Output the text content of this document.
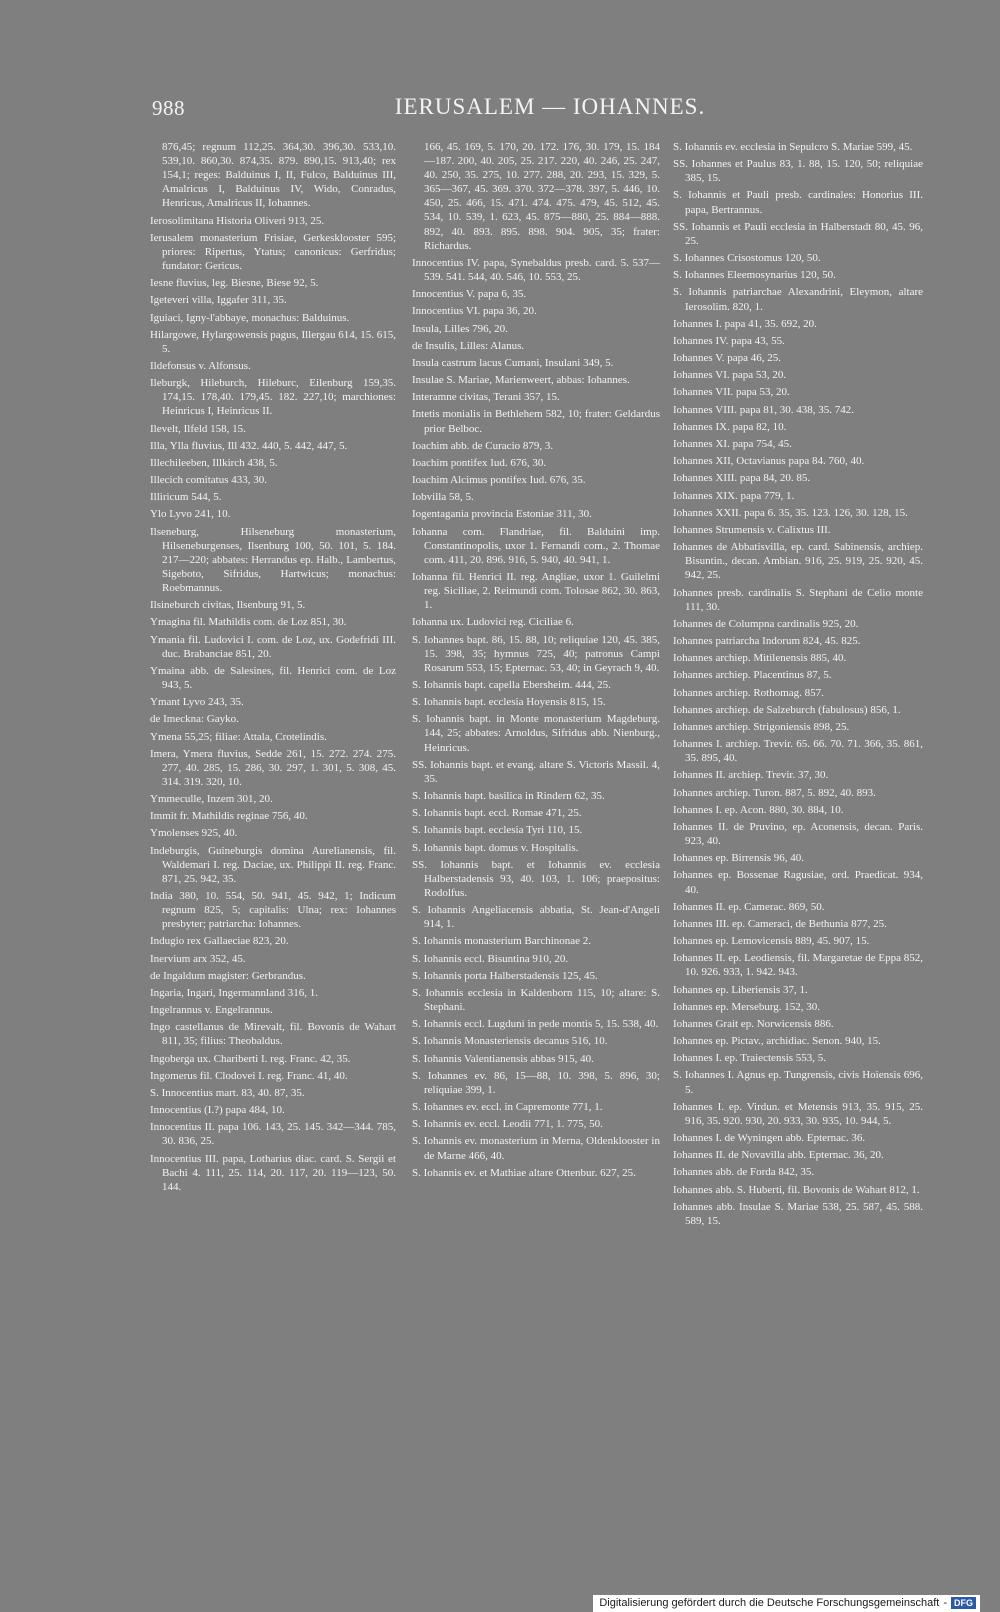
988	IERUSALEM — IOHANNES.
876,45; regnum 112,25. 364,30. 396,30. 533,10. 539,10. 860,30. 874,35. 879. 890,15. 913,40; rex 154,1; reges: Balduinus I, II, Fulco, Balduinus III, Amalricus I, Balduinus IV, Wido, Conradus, Henricus, Amalricus II, Iohannes.
Ierosolimitana Historia Oliveri 913, 25.
Ierusalem monasterium Frisiae, Gerkesklooster 595; priores: Ripertus, Ytatus; canonicus: Gerfridus; fundator: Gericus.
Iesne fluvius, leg. Biesne, Biese 92, 5.
Igeteveri villa, Iggafer 311, 35.
Iguiaci, Igny-l'abbaye, monachus: Balduinus.
Hilargowe, Hylargowensis pagus, Illergau 614, 15. 615, 5.
Ildefonsus v. Alfonsus.
Ileburgk, Hileburch, Hileburc, Eilenburg 159,35. 174,15. 178,40. 179,45. 182. 227,10; marchiones: Heinricus I, Heinricus II.
Ilevelt, Ilfeld 158, 15.
Illa, Ylla fluvius, Ill 432. 440, 5. 442, 447, 5.
Illechileeben, Illkirch 438, 5.
Illecich comitatus 433, 30.
Illiricum 544, 5.
Ylo Lyvo 241, 10.
Ilseneburg, Hilseneburg monasterium, Hilseneburgenses, Ilsenburg 100, 50. 101, 5. 184. 217—220; abbates: Herrandus ep. Halb., Lambertus, Sigeboto, Sifridus, Hartwicus; monachus: Roebmannus.
Ilsineburch civitas, Ilsenburg 91, 5.
Ymagina fil. Mathildis com. de Loz 851, 30.
Ymania fil. Ludovici I. com. de Loz, ux. Godefridi III. duc. Brabanciae 851, 20.
Ymaina abb. de Salesines, fil. Henrici com. de Loz 943, 5.
Ymant Lyvo 243, 35.
de Imeckna: Gayko.
Ymena 55,25; filiae: Attala, Crotelindis.
Imera, Ymera fluvius, Sedde 261, 15. 272. 274. 275. 277, 40. 285, 15. 286, 30. 297, 1. 301, 5. 308, 45. 314. 319. 320, 10.
Ymmeculle, Inzem 301, 20.
Immit fr. Mathildis reginae 756, 40.
Ymolenses 925, 40.
Indeburgis, Guineburgis domina Aurelianensis, fil. Waldemari I. reg. Daciae, ux. Philippi II. reg. Franc. 871, 25. 942, 35.
India 380, 10. 554, 50. 941, 45. 942, 1; Indicum regnum 825, 5; capitalis: Ulna; rex: Iohannes presbyter; patriarcha: Iohannes.
Indugio rex Gallaeciae 823, 20.
Inervium arx 352, 45.
de Ingaldum magister: Gerbrandus.
Ingaria, Ingari, Ingermannland 316, 1.
Ingelrannus v. Engelrannus.
Ingo castellanus de Mirevalt, fil. Bovonis de Wahart 811, 35; filius: Theobaldus.
Ingoberga ux. Chariberti I. reg. Franc. 42, 35.
Ingomerus fil. Clodovei I. reg. Franc. 41, 40.
S. Innocentius mart. 83, 40. 87, 35.
Innocentius (I.?) papa 484, 10.
Innocentius II. papa 106. 143, 25. 145. 342—344. 785, 30. 836, 25.
Innocentius III. papa, Lotharius diac. card. S. Sergii et Bachi 4. 111, 25. 114, 20. 117, 20. 119—123, 50. 144.
166, 45. 169, 5. 170, 20. 172. 176, 30. 179, 15. 184—187. 200, 40. 205, 25. 217. 220, 40. 246, 25. 247, 40. 250, 35. 275, 10. 277. 288, 20. 293, 15. 329, 5. 365—367, 45. 369. 370. 372—378. 397, 5. 446, 10. 450, 25. 466, 15. 471. 474. 475. 479, 45. 512, 45. 534, 10. 539, 1. 623, 45. 875—880, 25. 884—888. 892, 40. 893. 895. 898. 904. 905, 35; frater: Richardus.
Innocentius IV. papa, Synebaldus presb. card. 5. 537—539. 541. 544, 40. 546, 10. 553, 25.
Innocentius V. papa 6, 35.
Innocentius VI. papa 36, 20.
Insula, Lilles 796, 20.
de Insulis, Lilles: Alanus.
Insula castrum lacus Cumani, Insulani 349, 5.
Insulae S. Mariae, Marienweert, abbas: Iohannes.
Interamne civitas, Terani 357, 15.
Intetis monialis in Bethlehem 582, 10; frater: Geldardus prior Belboc.
Ioachim abb. de Curacio 879, 3.
Ioachim pontifex Iud. 676, 30.
Ioachim Alcimus pontifex Iud. 676, 35.
Iobvilla 58, 5.
Iogentagania provincia Estoniae 311, 30.
Iohanna com. Flandriae, fil. Balduini imp. Constantinopolis, uxor 1. Fernandi com., 2. Thomae com. 411, 20. 896. 916, 5. 940, 40. 941, 1.
Iohanna fil. Henrici II. reg. Angliae, uxor 1. Guilelmi reg. Siciliae, 2. Reimundi com. Tolosae 862, 30. 863, 1.
Iohanna ux. Ludovici reg. Ciciliae 6.
S. Iohannes bapt. 86, 15. 88, 10; reliquiae 120, 45. 385, 15. 398, 35; hymnus 725, 40; patronus Campi Rosarum 553, 15; Epternac. 53, 40; in Geyrach 9, 40.
S. Iohannis bapt. capella Ebersheim. 444, 25.
S. Iohannis bapt. ecclesia Hoyensis 815, 15.
S. Iohannis bapt. in Monte monasterium Magdeburg. 144, 25; abbates: Arnoldus, Sifridus abb. Nienburg., Heinricus.
SS. Iohannis bapt. et evang. altare S. Victoris Massil. 4, 35.
S. Iohannis bapt. basilica in Rindern 62, 35.
S. Iohannis bapt. eccl. Romae 471, 25.
S. Iohannis bapt. ecclesia Tyri 110, 15.
S. Iohannis bapt. domus v. Hospitalis.
SS. Iohannis bapt. et Iohannis ev. ecclesia Halberstadensis 93, 40. 103, 1. 106; praepositus: Rodolfus.
S. Iohannis Angeliacensis abbatia, St. Jean-d'Angeli 914, 1.
S. Iohannis monasterium Barchinonae 2.
S. Iohannis eccl. Bisuntina 910, 20.
S. Iohannis porta Halberstadensis 125, 45.
S. Iohannis ecclesia in Kaldenborn 115, 10; altare: S. Stephani.
S. Iohannis eccl. Lugduni in pede montis 5, 15. 538, 40.
S. Iohannis Monasteriensis decanus 516, 10.
S. Iohannis Valentianensis abbas 915, 40.
S. Iohannes ev. 86, 15—88, 10. 398, 5. 896, 30; reliquiae 399, 1.
S. Iohannes ev. eccl. in Capremonte 771, 1.
S. Iohannis ev. eccl. Leodii 771, 1. 775, 50.
S. Iohannis ev. monasterium in Merna, Oldenklooster in de Marne 466, 40.
S. Iohannis ev. et Mathiae altare Ottenbur. 627, 25.
S. Iohannis ev. ecclesia in Sepulcro S. Mariae 599, 45.
SS. Iohannes et Paulus 83, 1. 88, 15. 120, 50; reliquiae 385, 15.
S. Iohannis et Pauli presb. cardinales: Honorius III. papa, Bertrannus.
SS. Iohannis et Pauli ecclesia in Halberstadt 80, 45. 96, 25.
S. Iohannes Crisostomus 120, 50.
S. Iohannes Eleemosynarius 120, 50.
S. Iohannis patriarchae Alexandrini, Eleymon, altare Ierosolim. 820, 1.
Iohannes I. papa 41, 35. 692, 20.
Iohannes IV. papa 43, 55.
Iohannes V. papa 46, 25.
Iohannes VI. papa 53, 20.
Iohannes VII. papa 53, 20.
Iohannes VIII. papa 81, 30. 438, 35. 742.
Iohannes IX. papa 82, 10.
Iohannes XI. papa 754, 45.
Iohannes XII, Octavianus papa 84. 760, 40.
Iohannes XIII. papa 84, 20. 85.
Iohannes XIX. papa 779, 1.
Iohannes XXII. papa 6. 35, 35. 123. 126, 30. 128, 15.
Iohannes Strumensis v. Calixtus III.
Iohannes de Abbatisvilla, ep. card. Sabinensis, archiep. Bisuntin., decan. Ambian. 916, 25. 919, 25. 920, 45. 942, 25.
Iohannes presb. cardinalis S. Stephani de Celio monte 111, 30.
Iohannes de Columpna cardinalis 925, 20.
Iohannes patriarcha Indorum 824, 45. 825.
Iohannes archiep. Mitilenensis 885, 40.
Iohannes archiep. Placentinus 87, 5.
Iohannes archiep. Rothomag. 857.
Iohannes archiep. de Salzeburch (fabulosus) 856, 1.
Iohannes archiep. Strigoniensis 898, 25.
Iohannes I. archiep. Trevir. 65. 66. 70. 71. 366, 35. 861, 35. 895, 40.
Iohannes II. archiep. Trevir. 37, 30.
Iohannes archiep. Turon. 887, 5. 892, 40. 893.
Iohannes I. ep. Acon. 880, 30. 884, 10.
Iohannes II. de Pruvino, ep. Aconensis, decan. Paris. 923, 40.
Iohannes ep. Birrensis 96, 40.
Iohannes ep. Bossenae Ragusiae, ord. Praedicat. 934, 40.
Iohannes II. ep. Camerac. 869, 50.
Iohannes III. ep. Cameraci, de Bethunia 877, 25.
Iohannes ep. Lemovicensis 889, 45. 907, 15.
Iohannes II. ep. Leodiensis, fil. Margaretae de Eppa 852, 10. 926. 933, 1. 942. 943.
Iohannes ep. Liberiensis 37, 1.
Iohannes ep. Merseburg. 152, 30.
Iohannes Grait ep. Norwicensis 886.
Iohannes ep. Pictav., archidiac. Senon. 940, 15.
Iohannes I. ep. Traiectensis 553, 5.
S. Iohannes I. Agnus ep. Tungrensis, civis Hoiensis 696, 5.
Iohannes I. ep. Virdun. et Metensis 913, 35. 915, 25. 916, 35. 920. 930, 20. 933, 30. 935, 10. 944, 5.
Iohannes I. de Wyningen abb. Epternac. 36.
Iohannes II. de Novavilla abb. Epternac. 36, 20.
Iohannes abb. de Forda 842, 35.
Iohannes abb. S. Huberti, fil. Bovonis de Wahart 812, 1.
Iohannes abb. Insulae S. Mariae 538, 25. 587, 45. 588. 589, 15.
Digitalisierung gefördert durch die Deutsche Forschungsgemeinschaft - DFG
